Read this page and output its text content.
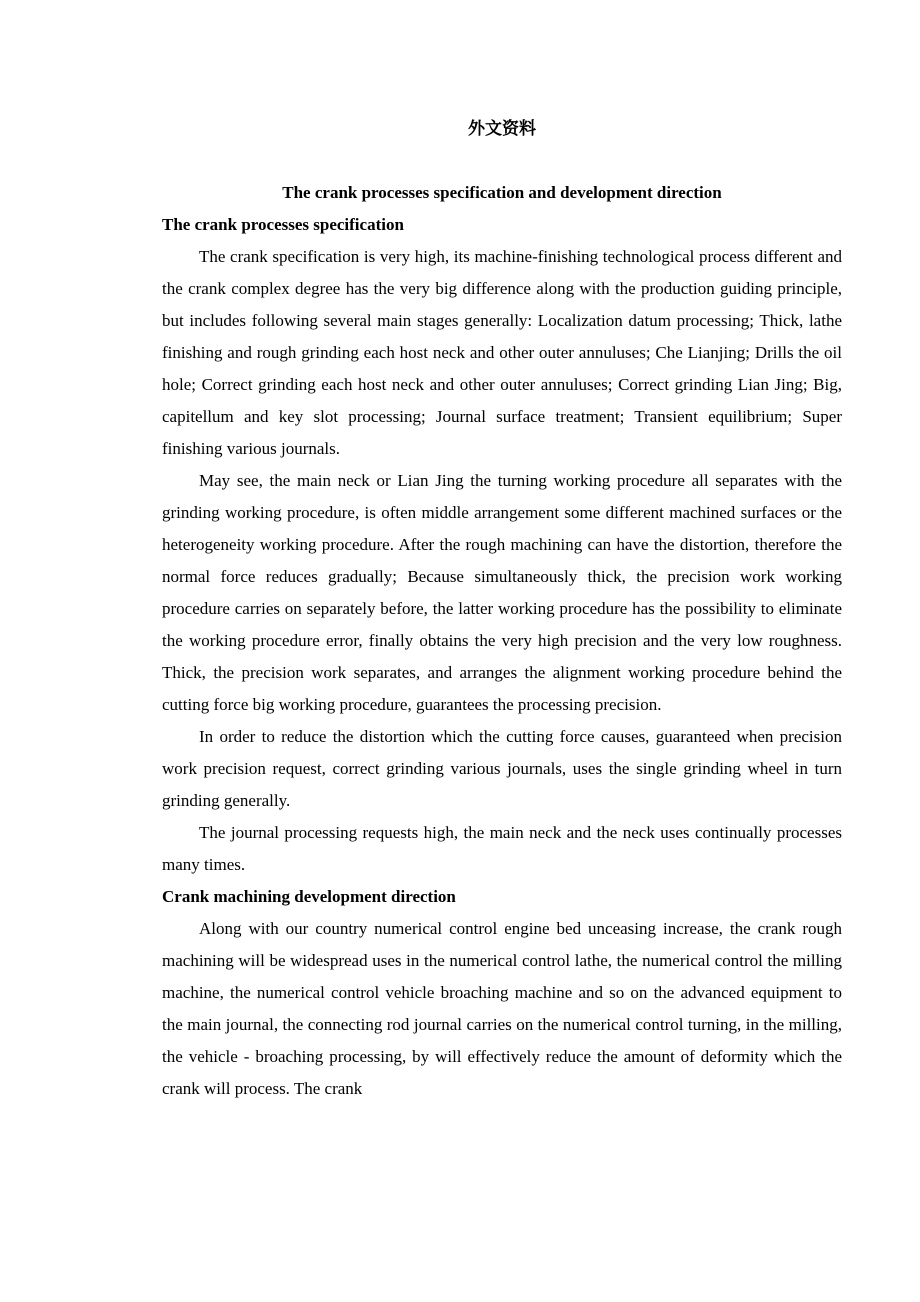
外文资料
The crank processes specification and development direction
The crank processes specification

The crank specification is very high, its machine-finishing technological process different and the crank complex degree has the very big difference along with the production guiding principle, but includes following several main stages generally: Localization datum processing; Thick, lathe finishing and rough grinding each host neck and other outer annuluses; Che Lianjing; Drills the oil hole; Correct grinding each host neck and other outer annuluses; Correct grinding Lian Jing; Big, capitellum and key slot processing; Journal surface treatment; Transient equilibrium; Super finishing various journals.

May see, the main neck or Lian Jing the turning working procedure all separates with the grinding working procedure, is often middle arrangement some different machined surfaces or the heterogeneity working procedure. After the rough machining can have the distortion, therefore the normal force reduces gradually; Because simultaneously thick, the precision work working procedure carries on separately before, the latter working procedure has the possibility to eliminate the working procedure error, finally obtains the very high precision and the very low roughness. Thick, the precision work separates, and arranges the alignment working procedure behind the cutting force big working procedure, guarantees the processing precision.

In order to reduce the distortion which the cutting force causes, guaranteed when precision work precision request, correct grinding various journals, uses the single grinding wheel in turn grinding generally.

The journal processing requests high, the main neck and the neck uses continually processes many times.

Crank machining development direction

Along with our country numerical control engine bed unceasing increase, the crank rough machining will be widespread uses in the numerical control lathe, the numerical control the milling machine, the numerical control vehicle broaching machine and so on the advanced equipment to the main journal, the connecting rod journal carries on the numerical control turning, in the milling, the vehicle - broaching processing, by will effectively reduce the amount of deformity which the crank will process. The crank
